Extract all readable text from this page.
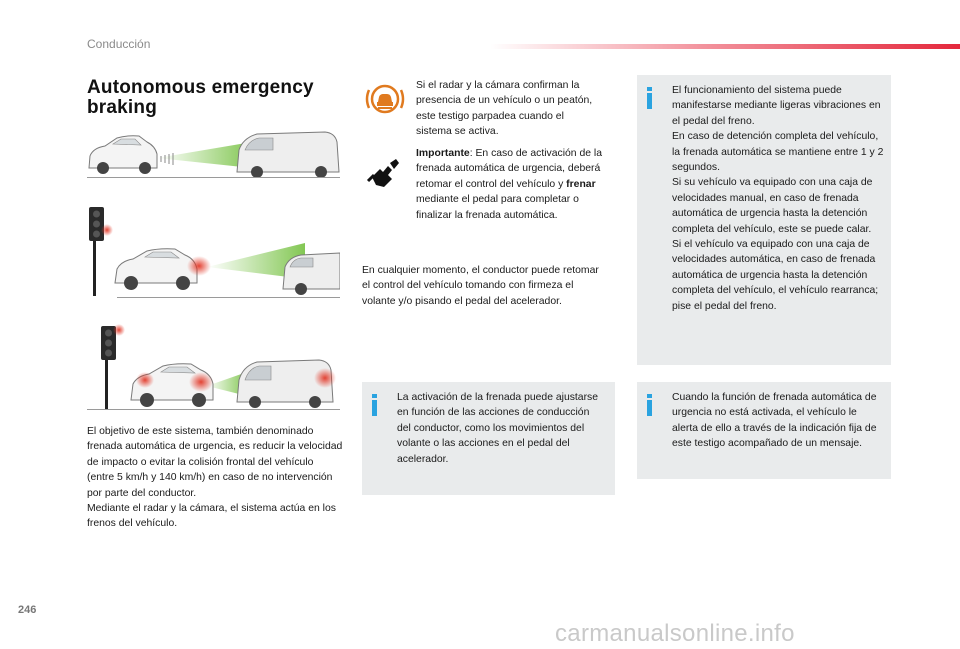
Conducción
Autonomous emergency braking
El objetivo de este sistema, también denominado frenada automática de urgencia, es reducir la velocidad de impacto o evitar la colisión frontal del vehículo (entre 5 km/h y 140 km/h) en caso de no intervención por parte del conductor.
Mediante el radar y la cámara, el sistema actúa en los frenos del vehículo.
Si el radar y la cámara confirman la presencia de un vehículo o un peatón, este testigo parpadea cuando el sistema se activa.
Importante: En caso de activación de la frenada automática de urgencia, deberá retomar el control del vehículo y frenar mediante el pedal para completar o finalizar la frenada automática.
En cualquier momento, el conductor puede retomar el control del vehículo tomando con firmeza el volante y/o pisando el pedal del acelerador.
La activación de la frenada puede ajustarse en función de las acciones de conducción del conductor, como los movimientos del volante o las acciones en el pedal del acelerador.
El funcionamiento del sistema puede manifestarse mediante ligeras vibraciones en el pedal del freno.
En caso de detención completa del vehículo, la frenada automática se mantiene entre 1 y 2 segundos.
Si su vehículo va equipado con una caja de velocidades manual, en caso de frenada automática de urgencia hasta la detención completa del vehículo, este se puede calar.
Si el vehículo va equipado con una caja de velocidades automática, en caso de frenada automática de urgencia hasta la detención completa del vehículo, el vehículo rearranca; pise el pedal del freno.
Cuando la función de frenada automática de urgencia no está activada, el vehículo le alerta de ello a través de la indicación fija de este testigo acompañado de un mensaje.
246
carmanualsonline.info
